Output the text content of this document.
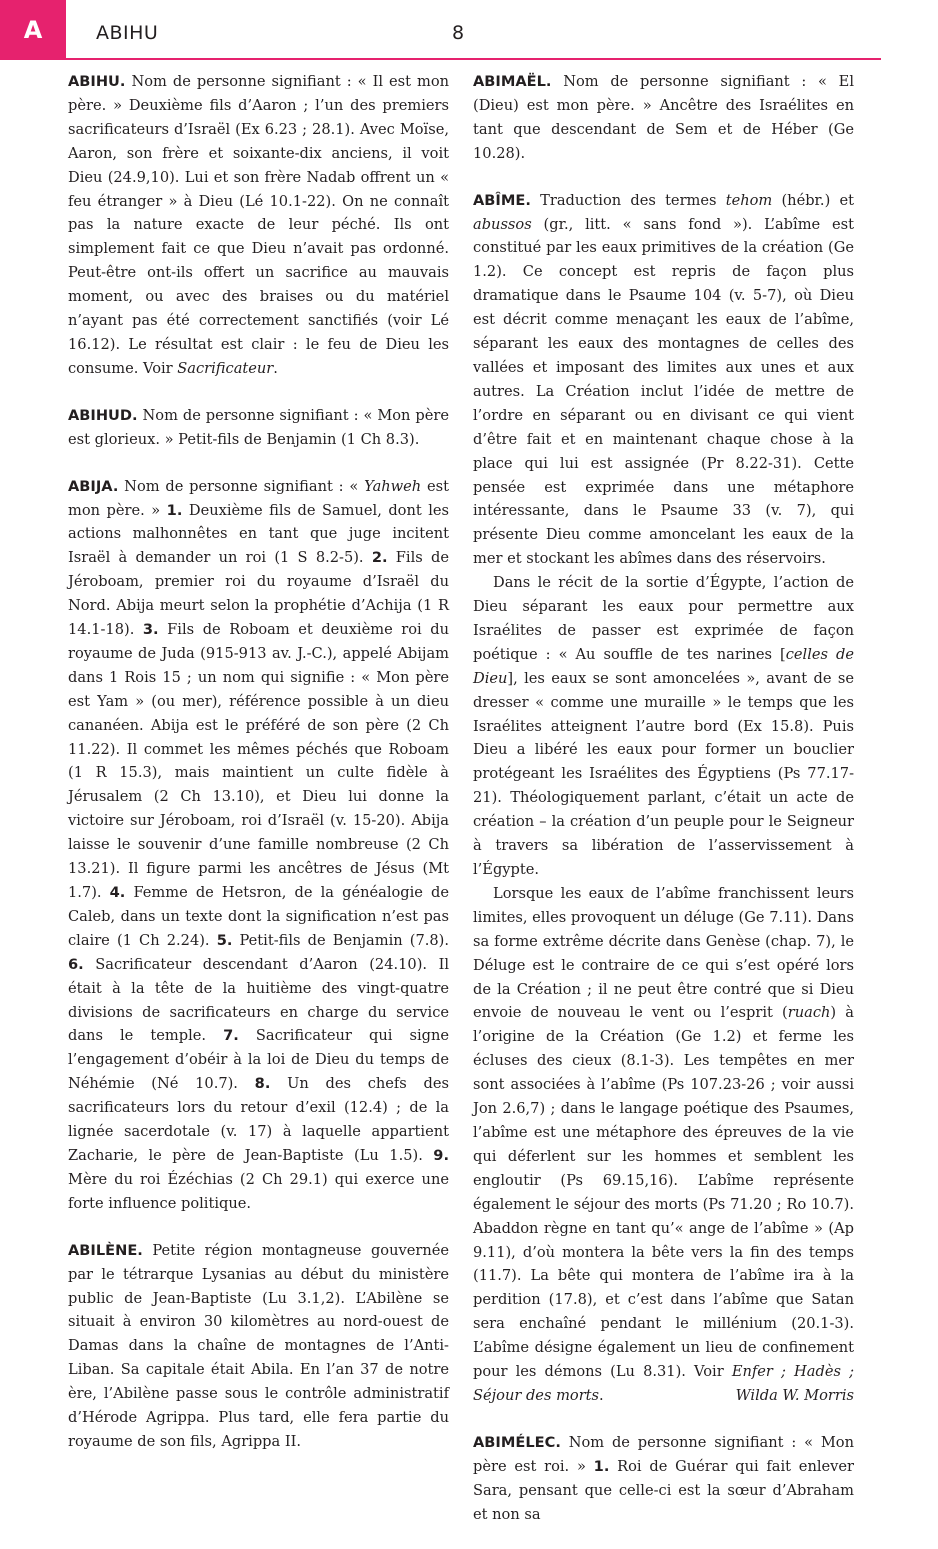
A	ABIHU	8

ABIHU. Nom de personne signifiant : « Il est mon père. » Deuxième fils d’Aaron ; l’un des premiers sacrificateurs d’Israël (Ex 6.23 ; 28.1). Avec Moïse, Aaron, son frère et soixante-dix anciens, il voit Dieu (24.9,10). Lui et son frère Nadab offrent un « feu étranger » à Dieu (Lé 10.1-22). On ne connaît pas la nature exacte de leur péché. Ils ont simplement fait ce que Dieu n’avait pas ordonné. Peut-être ont-ils offert un sacrifice au mauvais moment, ou avec des braises ou du matériel n’ayant pas été correctement sanctifiés (voir Lé 16.12). Le résultat est clair : le feu de Dieu les consume. Voir Sacrificateur.

ABIHUD. Nom de personne signifiant : « Mon père est glorieux. » Petit-fils de Benjamin (1 Ch 8.3).

ABIJA. Nom de personne signifiant : « Yahweh est mon père. » 1. Deuxième fils de Samuel, dont les actions malhonnêtes en tant que juge incitent Israël à demander un roi (1 S 8.2-5). 2. Fils de Jéroboam, premier roi du royaume d’Israël du Nord. Abija meurt selon la prophétie d’Achija (1 R 14.1-18). 3. Fils de Roboam et deuxième roi du royaume de Juda (915-913 av. J.-C.), appelé Abijam dans 1 Rois 15 ; un nom qui signifie : « Mon père est Yam » (ou mer), référence possible à un dieu cananéen. Abija est le préféré de son père (2 Ch 11.22). Il commet les mêmes péchés que Roboam (1 R 15.3), mais maintient un culte fidèle à Jérusalem (2 Ch 13.10), et Dieu lui donne la victoire sur Jéroboam, roi d’Israël (v. 15-20). Abija laisse le souvenir d’une famille nombreuse (2 Ch 13.21). Il figure parmi les ancêtres de Jésus (Mt 1.7). 4. Femme de Hetsron, de la généalogie de Caleb, dans un texte dont la signification n’est pas claire (1 Ch 2.24). 5. Petit-fils de Benjamin (7.8). 6. Sacrificateur descendant d’Aaron (24.10). Il était à la tête de la huitième des vingt-quatre divisions de sacrificateurs en charge du service dans le temple. 7. Sacrificateur qui signe l’engagement d’obéir à la loi de Dieu du temps de Néhémie (Né 10.7). 8. Un des chefs des sacrificateurs lors du retour d’exil (12.4) ; de la lignée sacerdotale (v. 17) à laquelle appartient Zacharie, le père de Jean-Baptiste (Lu 1.5). 9. Mère du roi Ézéchias (2 Ch 29.1) qui exerce une forte influence politique.

ABILÈNE. Petite région montagneuse gouvernée par le tétrarque Lysanias au début du ministère public de Jean-Baptiste (Lu 3.1,2). L’Abilène se situait à environ 30 kilomètres au nord-ouest de Damas dans la chaîne de montagnes de l’Anti-Liban. Sa capitale était Abila. En l’an 37 de notre ère, l’Abilène passe sous le contrôle administratif d’Hérode Agrippa. Plus tard, elle fera partie du royaume de son fils, Agrippa II.

ABIMAËL. Nom de personne signifiant : « El (Dieu) est mon père. » Ancêtre des Israélites en tant que descendant de Sem et de Héber (Ge 10.28).

ABÎME. Traduction des termes tehom (hébr.) et abussos (gr., litt. « sans fond »). L’abîme est constitué par les eaux primitives de la création (Ge 1.2). Ce concept est repris de façon plus dramatique dans le Psaume 104 (v. 5-7), où Dieu est décrit comme menaçant les eaux de l’abîme, séparant les eaux des montagnes de celles des vallées et imposant des limites aux unes et aux autres. La Création inclut l’idée de mettre de l’ordre en séparant ou en divisant ce qui vient d’être fait et en maintenant chaque chose à la place qui lui est assignée (Pr 8.22-31). Cette pensée est exprimée dans une métaphore intéressante, dans le Psaume 33 (v. 7), qui présente Dieu comme amoncelant les eaux de la mer et stockant les abîmes dans des réservoirs.

Dans le récit de la sortie d’Égypte, l’action de Dieu séparant les eaux pour permettre aux Israélites de passer est exprimée de façon poétique : « Au souffle de tes narines [celles de Dieu], les eaux se sont amoncelées », avant de se dresser « comme une muraille » le temps que les Israélites atteignent l’autre bord (Ex 15.8). Puis Dieu a libéré les eaux pour former un bouclier protégeant les Israélites des Égyptiens (Ps 77.17-21). Théologiquement parlant, c’était un acte de création – la création d’un peuple pour le Seigneur à travers sa libération de l’asservissement à l’Égypte.

Lorsque les eaux de l’abîme franchissent leurs limites, elles provoquent un déluge (Ge 7.11). Dans sa forme extrême décrite dans Genèse (chap. 7), le Déluge est le contraire de ce qui s’est opéré lors de la Création ; il ne peut être contré que si Dieu envoie de nouveau le vent ou l’esprit (ruach) à l’origine de la Création (Ge 1.2) et ferme les écluses des cieux (8.1-3). Les tempêtes en mer sont associées à l’abîme (Ps 107.23-26 ; voir aussi Jon 2.6,7) ; dans le langage poétique des Psaumes, l’abîme est une métaphore des épreuves de la vie qui déferlent sur les hommes et semblent les engloutir (Ps 69.15,16). L’abîme représente également le séjour des morts (Ps 71.20 ; Ro 10.7). Abaddon règne en tant qu’« ange de l’abîme » (Ap 9.11), d’où montera la bête vers la fin des temps (11.7). La bête qui montera de l’abîme ira à la perdition (17.8), et c’est dans l’abîme que Satan sera enchaîné pendant le millénium (20.1-3). L’abîme désigne également un lieu de confinement pour les démons (Lu 8.31). Voir Enfer ; Hadès ; Séjour des morts.	Wilda W. Morris

ABIMÉLEC. Nom de personne signifiant : « Mon père est roi. » 1. Roi de Guérar qui fait enlever Sara, pensant que celle-ci est la sœur d’Abraham et non sa
